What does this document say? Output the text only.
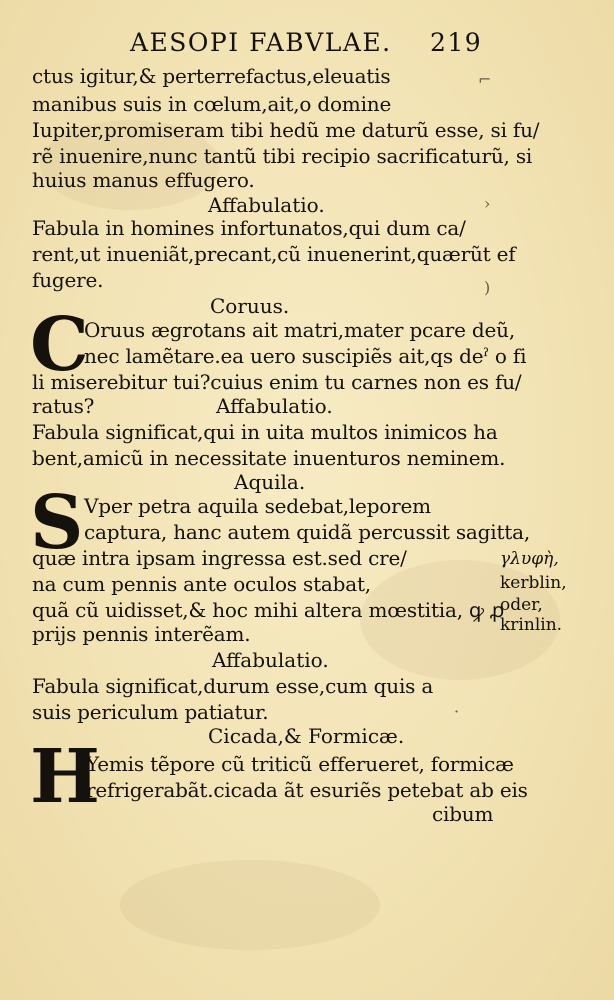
AESOPI FABVLAE. 219
ctus igitur,& perterrefactus,eleuatis
manibus suis in cœlum,ait,o domine
Iupiter,promiseram tibi hedũ me daturũ esse, si fu/
rẽ inuenire,nunc tantũ tibi recipio sacrificaturũ, si
huius manus effugero.
Affabulatio.
Fabula in homines infortunatos,qui dum ca/
rent,ut inueniãt,precant,cũ inuenerint,quærũt ef
fugere.
Coruus.
C
Oruus ægrotans ait matri,mater pcare deũ,
nec lamẽtare.ea uero suscipiẽs ait,qs deˀ o fi
li miserebitur tui?cuius enim tu carnes non es fu/
ratus?	Affabulatio.
Fabula significat,qui in uita multos inimicos ha
bent,amicũ in necessitate inuenturos neminem.
Aquila.
S Vper petra aquila sedebat,leporem
captura, hanc autem quidã percussit sagitta,
quæ intra ipsam ingressa est.sed cre/
na cum pennis ante oculos stabat,
quã cũ uidisset,& hoc mihi altera mœstitia, ꝙ ꝓ
prijs pennis interẽam.
Affabulatio.
Fabula significat,durum esse,cum quis a
suis periculum patiatur.
Cicada,& Formicæ.
H
Yemis tẽpore cũ triticũ efferueret, formicæ
refrigerabãt.cicada ãt esuriẽs petebat ab eis
cibum
γλυφὴ,
kerblin,
oder,
krinlin.
⌐
›
)
·
